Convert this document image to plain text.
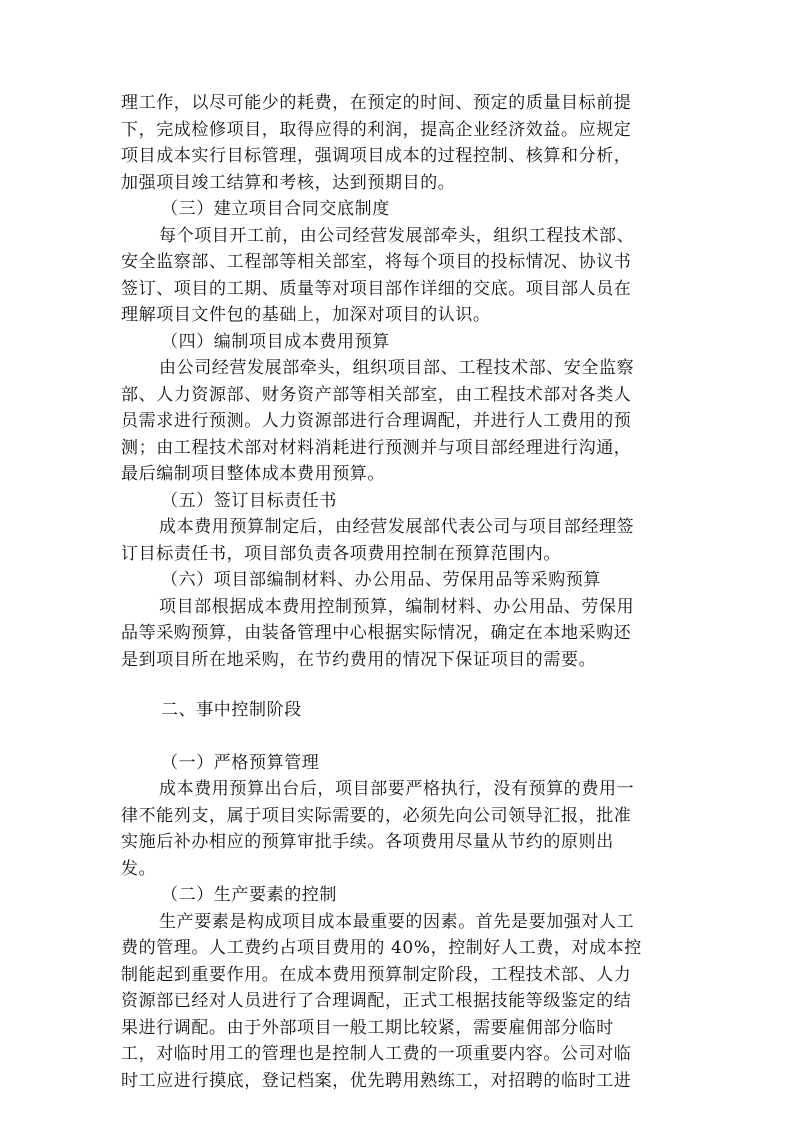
理工作，以尽可能少的耗费，在预定的时间、预定的质量目标前提
下，完成检修项目，取得应得的利润，提高企业经济效益。应规定
项目成本实行目标管理，强调项目成本的过程控制、核算和分析，
加强项目竣工结算和考核，达到预期目的。
（三）建立项目合同交底制度
每个项目开工前，由公司经营发展部牵头，组织工程技术部、
安全监察部、工程部等相关部室，将每个项目的投标情况、协议书
签订、项目的工期、质量等对项目部作详细的交底。项目部人员在
理解项目文件包的基础上，加深对项目的认识。
（四）编制项目成本费用预算
由公司经营发展部牵头，组织项目部、工程技术部、安全监察
部、人力资源部、财务资产部等相关部室，由工程技术部对各类人
员需求进行预测。人力资源部进行合理调配，并进行人工费用的预
测；由工程技术部对材料消耗进行预测并与项目部经理进行沟通，
最后编制项目整体成本费用预算。
（五）签订目标责任书
成本费用预算制定后，由经营发展部代表公司与项目部经理签
订目标责任书，项目部负责各项费用控制在预算范围内。
（六）项目部编制材料、办公用品、劳保用品等采购预算
项目部根据成本费用控制预算，编制材料、办公用品、劳保用
品等采购预算，由装备管理中心根据实际情况，确定在本地采购还
是到项目所在地采购，在节约费用的情况下保证项目的需要。
二、事中控制阶段
（一）严格预算管理
成本费用预算出台后，项目部要严格执行，没有预算的费用一
律不能列支，属于项目实际需要的，必须先向公司领导汇报，批准
实施后补办相应的预算审批手续。各项费用尽量从节约的原则出
发。
（二）生产要素的控制
生产要素是构成项目成本最重要的因素。首先是要加强对人工
费的管理。人工费约占项目费用的 40%，控制好人工费，对成本控
制能起到重要作用。在成本费用预算制定阶段，工程技术部、人力
资源部已经对人员进行了合理调配，正式工根据技能等级鉴定的结
果进行调配。由于外部项目一般工期比较紧，需要雇佣部分临时
工，对临时用工的管理也是控制人工费的一项重要内容。公司对临
时工应进行摸底，登记档案，优先聘用熟练工，对招聘的临时工进
